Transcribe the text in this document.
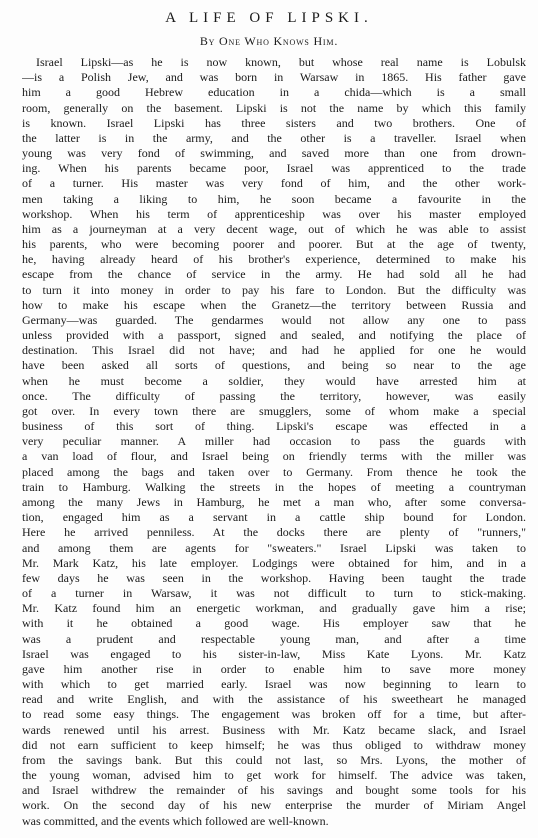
A LIFE OF LIPSKI.
By One Who Knows Him.
Israel Lipski—as he is now known, but whose real name is Lobulsk
—is a Polish Jew, and was born in Warsaw in 1865. His father gave
him a good Hebrew education in a chida—which is a small
room, generally on the basement. Lipski is not the name by which this family
is known. Israel Lipski has three sisters and two brothers. One of
the latter is in the army, and the other is a traveller. Israel when
young was very fond of swimming, and saved more than one from drown-
ing. When his parents became poor, Israel was apprenticed to the trade
of a turner. His master was very fond of him, and the other work-
men taking a liking to him, he soon became a favourite in the
workshop. When his term of apprenticeship was over his master employed
him as a journeyman at a very decent wage, out of which he was able to assist
his parents, who were becoming poorer and poorer. But at the age of twenty,
he, having already heard of his brother's experience, determined to make his
escape from the chance of service in the army. He had sold all he had
to turn it into money in order to pay his fare to London. But the difficulty was
how to make his escape when the Granetz—the territory between Russia and
Germany—was guarded. The gendarmes would not allow any one to pass
unless provided with a passport, signed and sealed, and notifying the place of
destination. This Israel did not have; and had he applied for one he would
have been asked all sorts of questions, and being so near to the age
when he must become a soldier, they would have arrested him at
once. The difficulty of passing the territory, however, was easily
got over. In every town there are smugglers, some of whom make a special
business of this sort of thing. Lipski's escape was effected in a
very peculiar manner. A miller had occasion to pass the guards with
a van load of flour, and Israel being on friendly terms with the miller was
placed among the bags and taken over to Germany. From thence he took the
train to Hamburg. Walking the streets in the hopes of meeting a countryman
among the many Jews in Hamburg, he met a man who, after some conversa-
tion, engaged him as a servant in a cattle ship bound for London.
Here he arrived penniless. At the docks there are plenty of "runners,"
and among them are agents for "sweaters." Israel Lipski was taken to
Mr. Mark Katz, his late employer. Lodgings were obtained for him, and in a
few days he was seen in the workshop. Having been taught the trade
of a turner in Warsaw, it was not difficult to turn to stick-making.
Mr. Katz found him an energetic workman, and gradually gave him a rise;
with it he obtained a good wage. His employer saw that he
was a prudent and respectable young man, and after a time
Israel was engaged to his sister-in-law, Miss Kate Lyons. Mr. Katz
gave him another rise in order to enable him to save more money
with which to get married early. Israel was now beginning to learn to
read and write English, and with the assistance of his sweetheart he managed
to read some easy things. The engagement was broken off for a time, but after-
wards renewed until his arrest. Business with Mr. Katz became slack, and Israel
did not earn sufficient to keep himself; he was thus obliged to withdraw money
from the savings bank. But this could not last, so Mrs. Lyons, the mother of
the young woman, advised him to get work for himself. The advice was taken,
and Israel withdrew the remainder of his savings and bought some tools for his
work. On the second day of his new enterprise the murder of Miriam Angel
was committed, and the events which followed are well-known.
